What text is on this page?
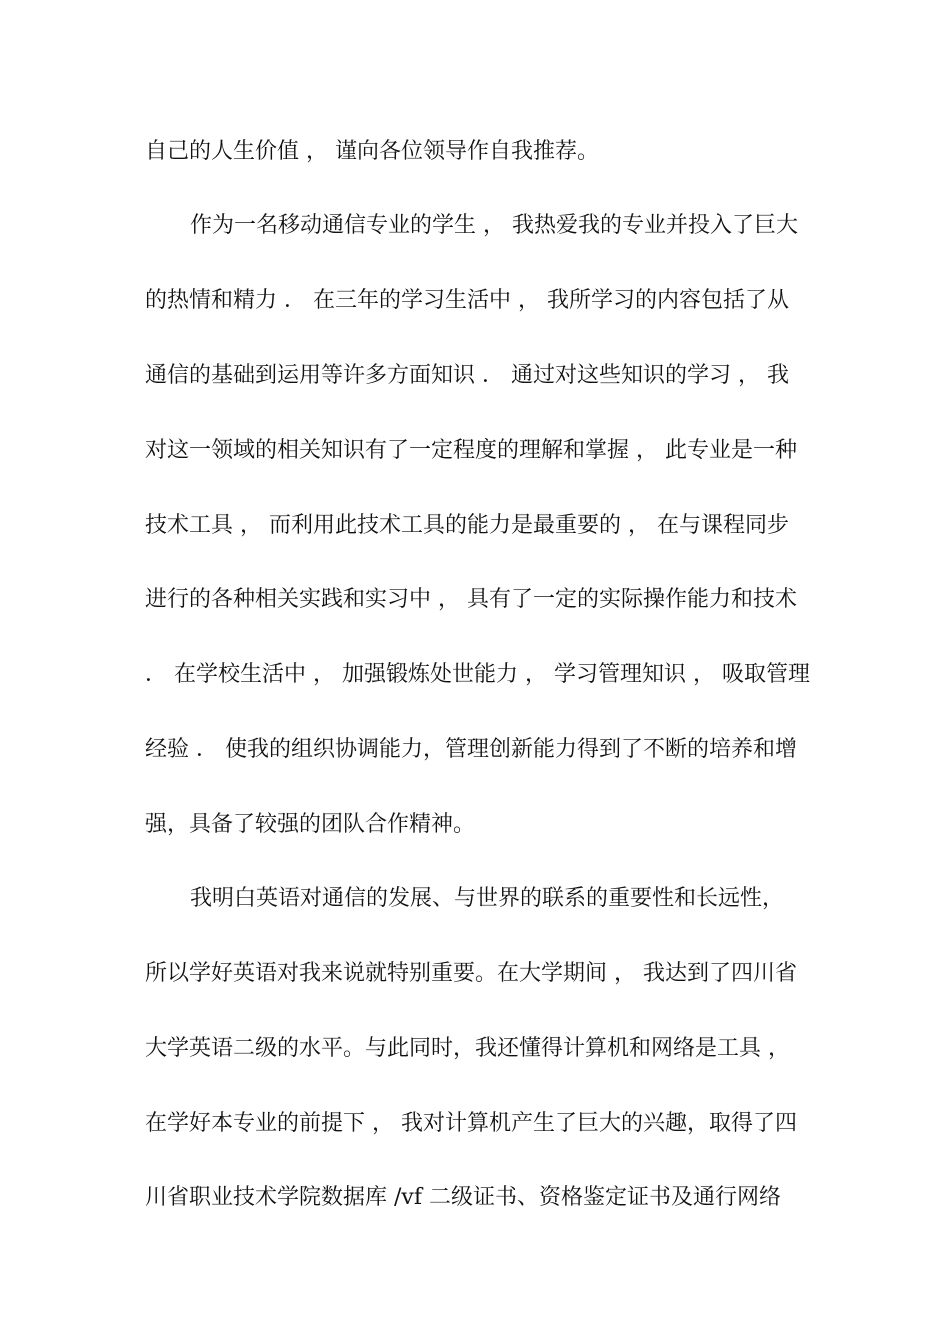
自己的人生价值 ， 谨向各位领导作自我推荐。
作为一名移动通信专业的学生 ， 我热爱我的专业并投入了巨大
的热情和精力 ． 在三年的学习生活中 ， 我所学习的内容包括了从
通信的基础到运用等许多方面知识 ． 通过对这些知识的学习 ， 我
对这一领域的相关知识有了一定程度的理解和掌握 ， 此专业是一种
技术工具 ， 而利用此技术工具的能力是最重要的 ， 在与课程同步
进行的各种相关实践和实习中 ， 具有了一定的实际操作能力和技术
． 在学校生活中 ， 加强锻炼处世能力 ， 学习管理知识 ， 吸取管理
经验 ． 使我的组织协调能力，管理创新能力得到了不断的培养和增
强，具备了较强的团队合作精神。
我明白英语对通信的发展、与世界的联系的重要性和长远性，
所以学好英语对我来说就特别重要。在大学期间 ， 我达到了四川省
大学英语二级的水平。与此同时，我还懂得计算机和网络是工具 ，
在学好本专业的前提下 ， 我对计算机产生了巨大的兴趣，取得了四
川省职业技术学院数据库 /vf 二级证书、资格鉴定证书及通行网络
